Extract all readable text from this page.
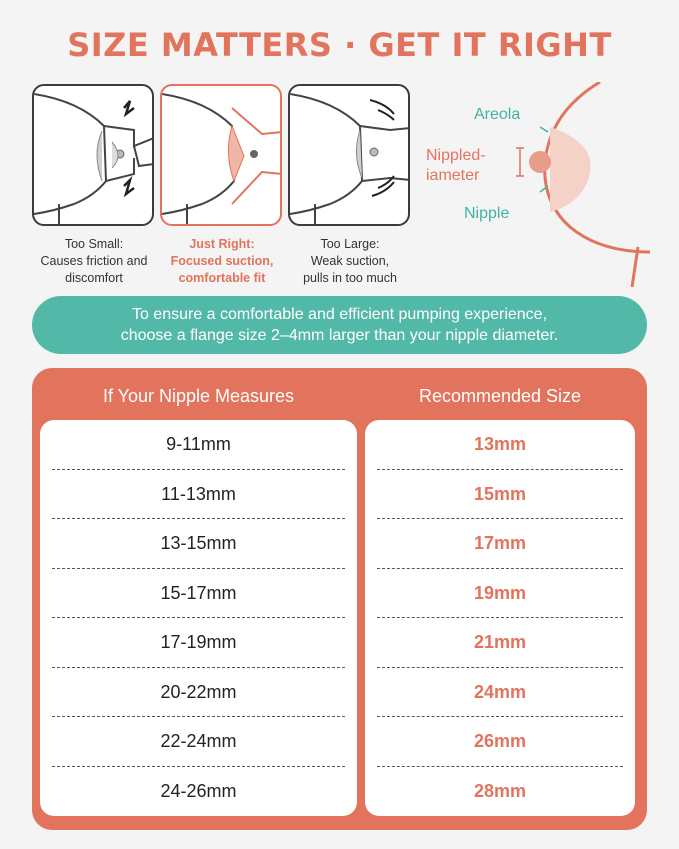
SIZE MATTERS · GET IT RIGHT
Too Small:
Causes friction and
discomfort
Just Right:
Focused suction,
comfortable fit
Too Large:
Weak suction,
pulls in too much
Areola
Nippled-
iameter
Nipple
To ensure a comfortable and efficient pumping experience,
choose a flange size 2–4mm larger than your nipple diameter.
If Your Nipple Measures	Recommended Size
9-11mm
11-13mm
13-15mm
15-17mm
17-19mm
20-22mm
22-24mm
24-26mm
13mm
15mm
17mm
19mm
21mm
24mm
26mm
28mm
